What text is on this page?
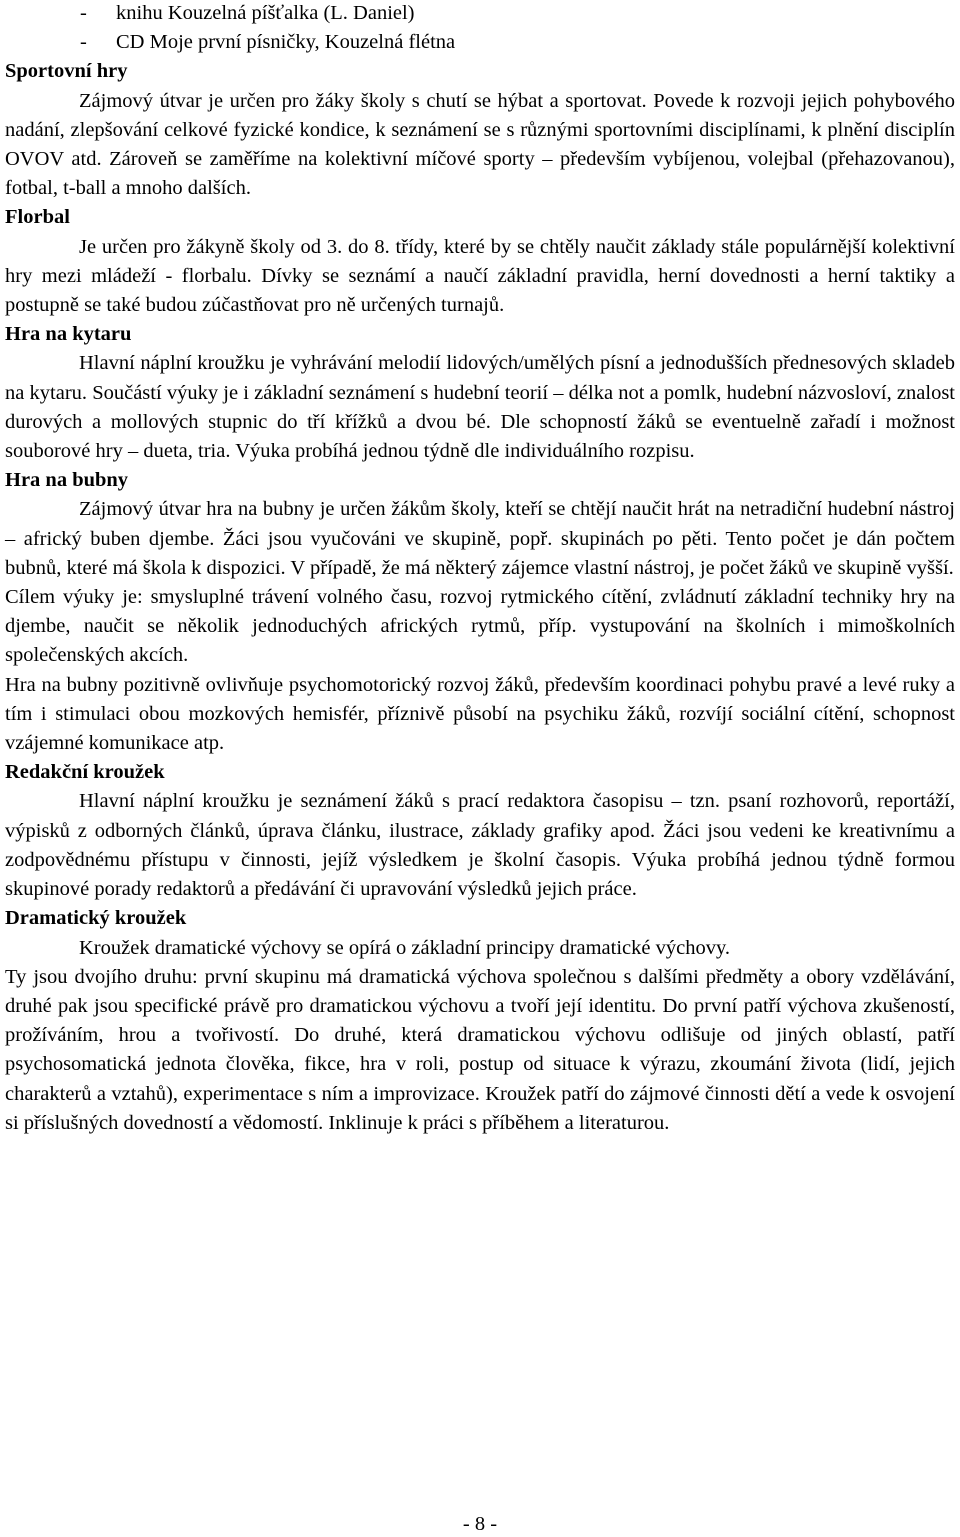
-	knihu Kouzelná píšťalka (L. Daniel)
-	CD Moje první písničky, Kouzelná flétna
Sportovní hry

Zájmový útvar je určen pro žáky školy s chutí se hýbat a sportovat. Povede k rozvoji jejich pohybového nadání, zlepšování celkové fyzické kondice, k seznámení se s různými sportovními disciplínami, k plnění disciplín OVOV atd. Zároveň se zaměříme na kolektivní míčové sporty – především vybíjenou, volejbal (přehazovanou), fotbal, t-ball a mnoho dalších.

Florbal

Je určen pro žákyně školy od 3. do 8. třídy, které by se chtěly naučit základy stále populárnější kolektivní hry mezi mládeží - florbalu. Dívky se seznámí a naučí základní pravidla, herní dovednosti a herní taktiky a postupně se také budou zúčastňovat pro ně určených turnajů.

Hra na kytaru

Hlavní náplní kroužku je vyhrávání melodií lidových/umělých písní a jednodušších přednesových skladeb na kytaru. Součástí výuky je i základní seznámení s hudební teorií – délka not a pomlk, hudební názvosloví, znalost durových a mollových stupnic do tří křížků a dvou bé. Dle schopností žáků se eventuelně zařadí i možnost souborové hry – dueta, tria. Výuka probíhá jednou týdně dle individuálního rozpisu.

Hra na bubny

Zájmový útvar hra na bubny je určen žákům školy, kteří se chtějí naučit hrát na netradiční hudební nástroj – africký buben djembe. Žáci jsou vyučováni ve skupině, popř. skupinách po pěti. Tento počet je dán počtem bubnů, které má škola k dispozici. V případě, že má některý zájemce vlastní nástroj, je počet žáků ve skupině vyšší.

Cílem výuky je: smysluplné trávení volného času, rozvoj rytmického cítění, zvládnutí základní techniky hry na djembe, naučit se několik jednoduchých afrických rytmů, příp. vystupování na školních i mimoškolních společenských akcích.

Hra na bubny pozitivně ovlivňuje psychomotorický rozvoj žáků, především koordinaci pohybu pravé a levé ruky a tím i stimulaci obou mozkových hemisfér, příznivě působí na psychiku žáků, rozvíjí sociální cítění, schopnost vzájemné komunikace atp.

Redakční kroužek

Hlavní náplní kroužku je seznámení žáků s prací redaktora časopisu – tzn. psaní rozhovorů, reportáží, výpisků z odborných článků, úprava článku, ilustrace, základy grafiky apod. Žáci jsou vedeni ke kreativnímu a zodpovědnému přístupu v činnosti, jejíž výsledkem je školní časopis. Výuka probíhá jednou týdně formou skupinové porady redaktorů a předávání či upravování výsledků jejich práce.

Dramatický kroužek

Kroužek dramatické výchovy se opírá o základní principy dramatické výchovy.

Ty jsou dvojího druhu: první skupinu má dramatická výchova společnou s dalšími předměty a obory vzdělávání, druhé pak jsou specifické právě pro dramatickou výchovu a tvoří její identitu. Do první patří výchova zkušeností, prožíváním, hrou a tvořivostí. Do druhé, která dramatickou výchovu odlišuje od jiných oblastí, patří psychosomatická jednota člověka, fikce, hra v roli, postup od situace k výrazu, zkoumání života (lidí, jejich charakterů a vztahů), experimentace s ním a improvizace. Kroužek patří do zájmové činnosti dětí a vede k osvojení si příslušných dovedností a vědomostí. Inklinuje k práci s příběhem a literaturou.

- 8 -
